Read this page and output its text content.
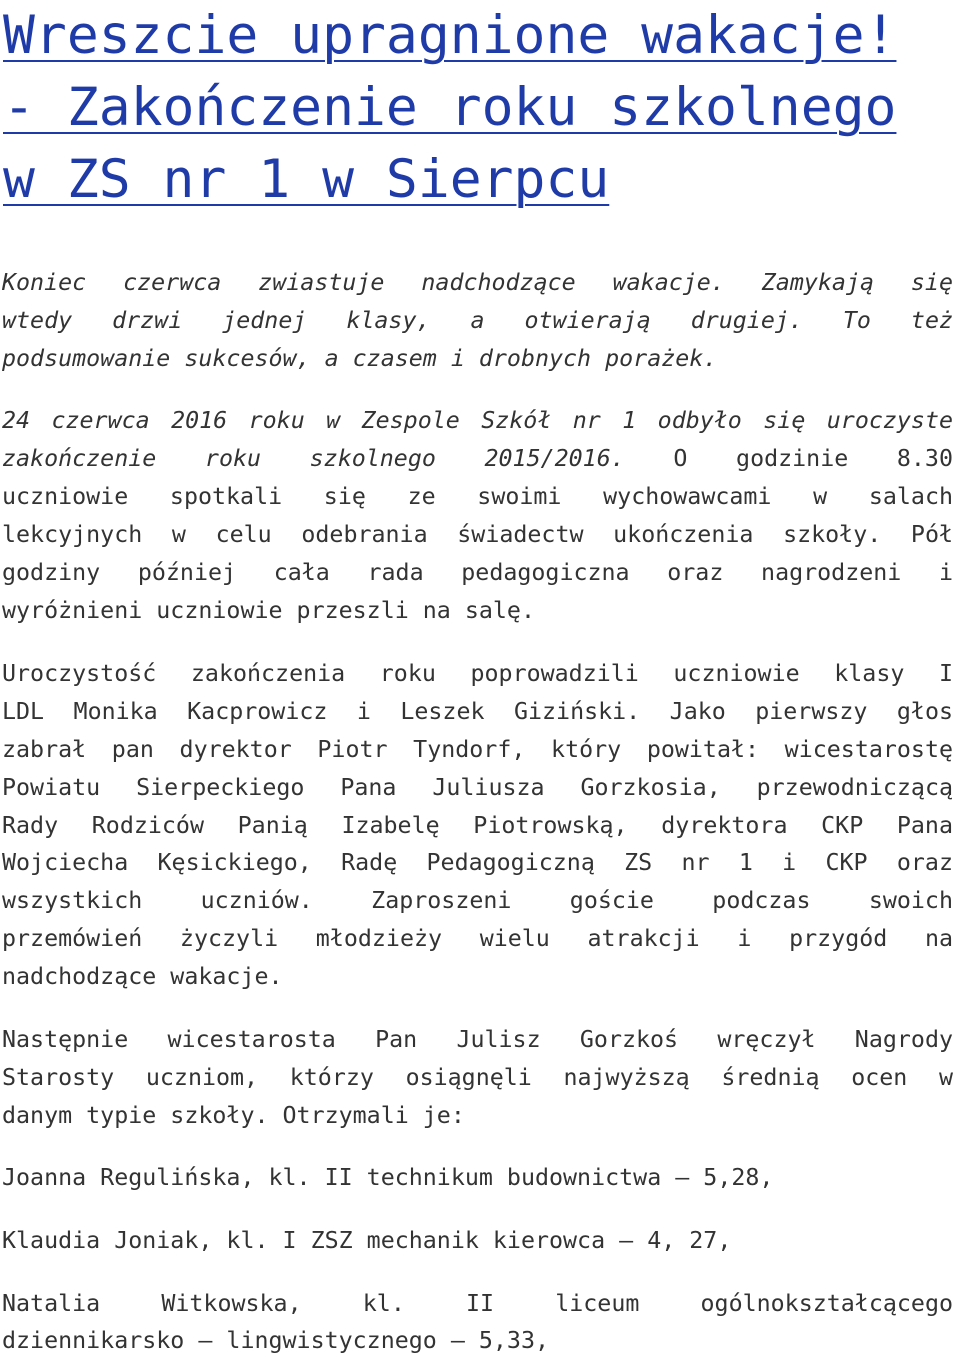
Wreszcie upragnione wakacje!
- Zakończenie roku szkolnego
w ZS nr 1 w Sierpcu

Koniec czerwca zwiastuje nadchodzące wakacje. Zamykają się

wtedy drzwi jednej klasy, a otwierają drugiej. To też

podsumowanie sukcesów, a czasem i drobnych porażek.

24 czerwca 2016 roku w Zespole Szkół nr 1 odbyło się uroczyste

zakończenie roku szkolnego 2015/2016. O godzinie 8.30

uczniowie spotkali się ze swoimi wychowawcami w salach

lekcyjnych w celu odebrania świadectw ukończenia szkoły. Pół

godziny później cała rada pedagogiczna oraz nagrodzeni i

wyróżnieni uczniowie przeszli na salę.

Uroczystość zakończenia roku poprowadzili uczniowie klasy I

LDL Monika Kacprowicz i Leszek Giziński. Jako pierwszy głos

zabrał pan dyrektor Piotr Tyndorf, który powitał: wicestarostę

Powiatu Sierpeckiego Pana Juliusza Gorzkosia, przewodniczącą

Rady Rodziców Panią Izabelę Piotrowską, dyrektora CKP Pana

Wojciecha Kęsickiego, Radę Pedagogiczną ZS nr 1 i CKP oraz

wszystkich uczniów. Zaproszeni goście podczas swoich

przemówień życzyli młodzieży wielu atrakcji i przygód na

nadchodzące wakacje.

Następnie wicestarosta Pan Julisz Gorzkoś wręczył Nagrody

Starosty uczniom, którzy osiągnęli najwyższą średnią ocen w

danym typie szkoły. Otrzymali je:

Joanna Regulińska, kl. II technikum budownictwa – 5,28,

Klaudia Joniak, kl. I ZSZ mechanik kierowca – 4, 27,

Natalia Witkowska, kl. II liceum ogólnokształcącego

dziennikarsko – lingwistycznego – 5,33,
